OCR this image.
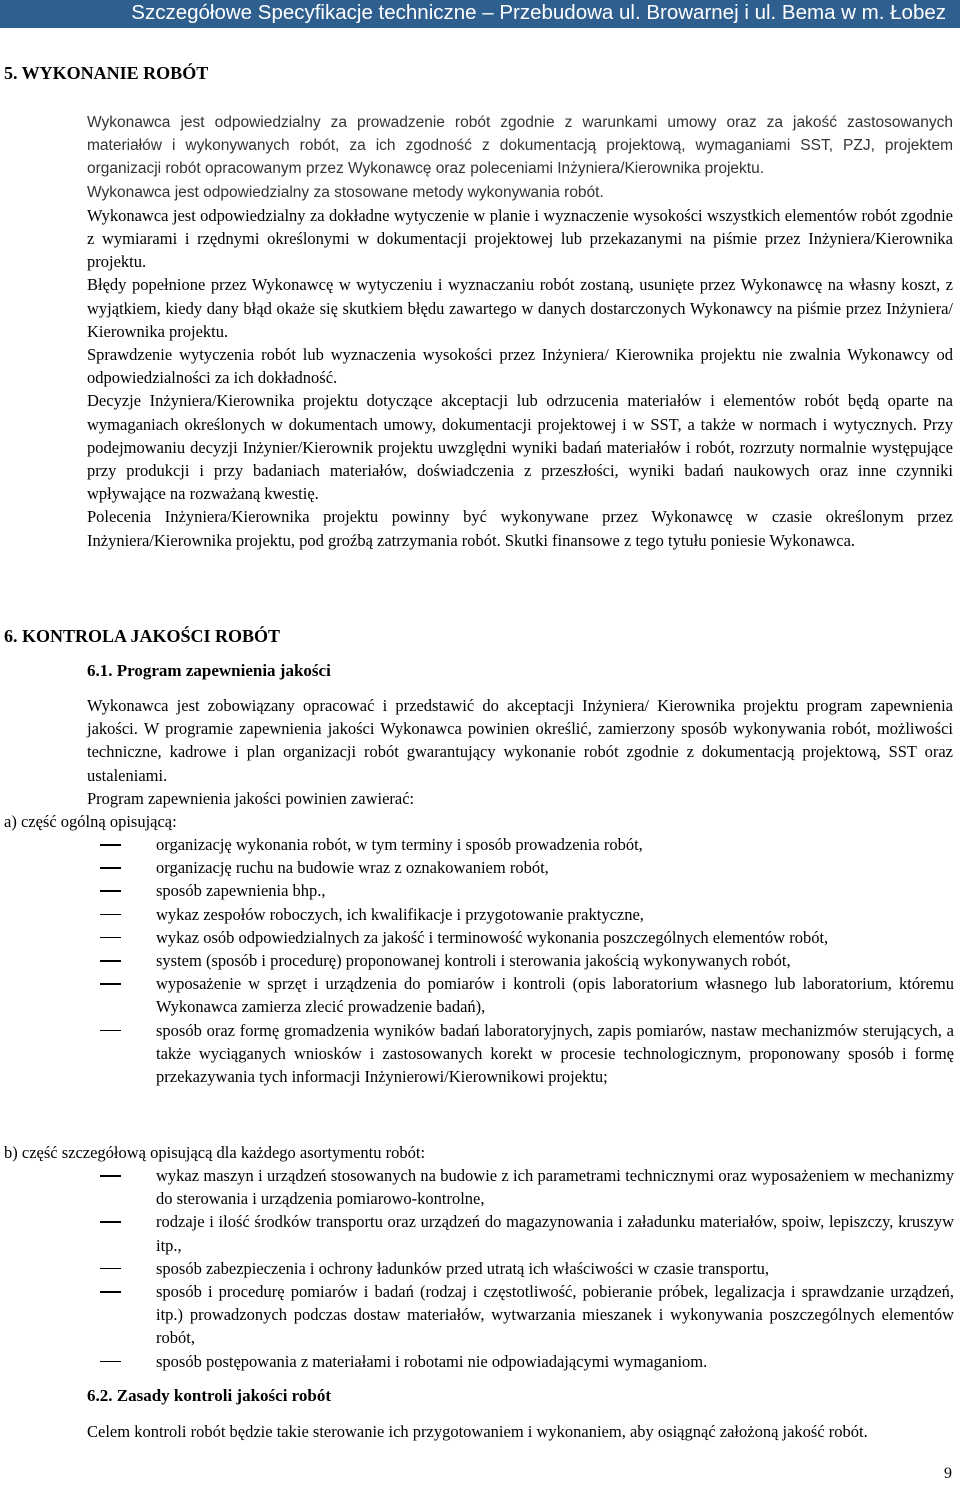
Szczegółowe Specyfikacje techniczne – Przebudowa ul. Browarnej i ul. Bema w m. Łobez
5. WYKONANIE ROBÓT

Wykonawca jest odpowiedzialny za prowadzenie robót zgodnie z warunkami umowy oraz za jakość zastosowanych materiałów i wykonywanych robót, za ich zgodność z dokumentacją projektową, wymaganiami SST, PZJ, projektem organizacji robót opracowanym przez Wykonawcę oraz poleceniami Inżyniera/Kierownika projektu.

Wykonawca jest odpowiedzialny za stosowane metody wykonywania robót.

Wykonawca jest odpowiedzialny za dokładne wytyczenie w planie i wyznaczenie wysokości wszystkich elementów robót zgodnie z wymiarami i rzędnymi określonymi w dokumentacji projektowej lub przekazanymi na piśmie przez Inżyniera/Kierownika projektu.

Błędy popełnione przez Wykonawcę w wytyczeniu i wyznaczaniu robót zostaną, usunięte przez Wykonawcę na własny koszt, z wyjątkiem, kiedy dany błąd okaże się skutkiem błędu zawartego w danych dostarczonych Wykonawcy na piśmie przez Inżyniera/ Kierownika projektu.

Sprawdzenie wytyczenia robót lub wyznaczenia wysokości przez Inżyniera/ Kierownika projektu nie zwalnia Wykonawcy od odpowiedzialności za ich dokładność.

Decyzje Inżyniera/Kierownika projektu dotyczące akceptacji lub odrzucenia materiałów i elementów robót będą oparte na wymaganiach określonych w dokumentach umowy, dokumentacji projektowej i w SST, a także w normach i wytycznych. Przy podejmowaniu decyzji Inżynier/Kierownik projektu uwzględni wyniki badań materiałów i robót, rozrzuty normalnie występujące przy produkcji i przy badaniach materiałów, doświadczenia z przeszłości, wyniki badań naukowych oraz inne czynniki wpływające na rozważaną kwestię.

Polecenia Inżyniera/Kierownika projektu powinny być wykonywane przez Wykonawcę w czasie określonym przez Inżyniera/Kierownika projektu, pod groźbą zatrzymania robót. Skutki finansowe z tego tytułu poniesie Wykonawca.

6. KONTROLA JAKOŚCI ROBÓT
6.1. Program zapewnienia jakości

Wykonawca jest zobowiązany opracować i przedstawić do akceptacji Inżyniera/ Kierownika projektu program zapewnienia jakości. W programie zapewnienia jakości Wykonawca powinien określić, zamierzony sposób wykonywania robót, możliwości techniczne, kadrowe i plan organizacji robót gwarantujący wykonanie robót zgodnie z dokumentacją projektową, SST oraz ustaleniami.

Program zapewnienia jakości powinien zawierać:

a) część ogólną opisującą:
organizację wykonania robót, w tym terminy i sposób prowadzenia robót,
organizację ruchu na budowie wraz z oznakowaniem robót,
sposób zapewnienia bhp.,
wykaz zespołów roboczych, ich kwalifikacje i przygotowanie praktyczne,
wykaz osób odpowiedzialnych za jakość i terminowość wykonania poszczególnych elementów robót,
system (sposób i procedurę) proponowanej kontroli i sterowania jakością wykonywanych robót,
wyposażenie w sprzęt i urządzenia do pomiarów i kontroli (opis laboratorium własnego lub laboratorium, któremu Wykonawca zamierza zlecić prowadzenie badań),
sposób oraz formę gromadzenia wyników badań laboratoryjnych, zapis pomiarów, nastaw mechanizmów sterujących, a także wyciąganych wniosków i zastosowanych korekt w procesie technologicznym, proponowany sposób i formę przekazywania tych informacji Inżynierowi/Kierownikowi projektu;
b) część szczegółową opisującą dla każdego asortymentu robót:
wykaz maszyn i urządzeń stosowanych na budowie z ich parametrami technicznymi oraz wyposażeniem w mechanizmy do sterowania i urządzenia pomiarowo-kontrolne,
rodzaje i ilość środków transportu oraz urządzeń do magazynowania i załadunku materiałów, spoiw, lepiszczy, kruszyw itp.,
sposób zabezpieczenia i ochrony ładunków przed utratą ich właściwości w czasie transportu,
sposób i procedurę pomiarów i badań (rodzaj i częstotliwość, pobieranie próbek, legalizacja i sprawdzanie urządzeń, itp.) prowadzonych podczas dostaw materiałów, wytwarzania mieszanek i wykonywania poszczególnych elementów robót,
sposób postępowania z materiałami i robotami nie odpowiadającymi wymaganiom.
6.2. Zasady kontroli jakości robót

Celem kontroli robót będzie takie sterowanie ich przygotowaniem i wykonaniem, aby osiągnąć założoną jakość robót.

9
